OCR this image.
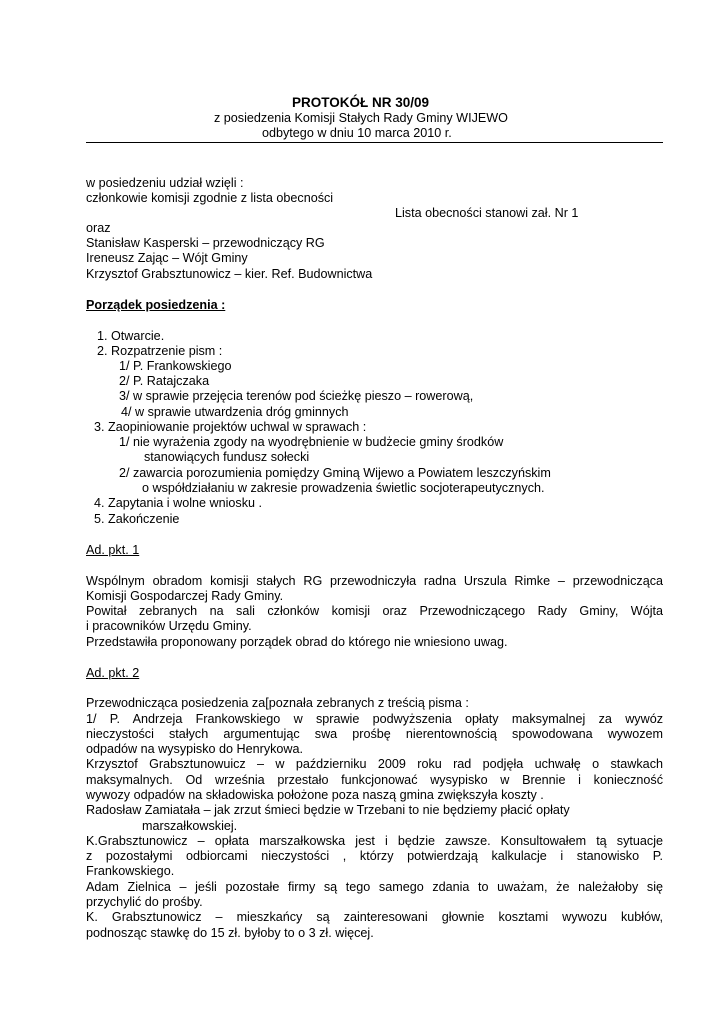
PROTOKÓŁ NR 30/09
z posiedzenia Komisji Stałych Rady Gminy WIJEWO
odbytego w dniu 10 marca 2010 r.
w posiedzeniu udział wzięli :
członkowie komisji zgodnie z lista obecności
Lista obecności stanowi zał. Nr 1
oraz
Stanisław Kasperski – przewodniczący RG
Ireneusz Zając – Wójt Gminy
Krzysztof Grabsztunowicz – kier. Ref. Budownictwa
Porządek posiedzenia :
1. Otwarcie.
2. Rozpatrzenie pism :
1/ P. Frankowskiego
2/ P. Ratajczaka
3/ w sprawie przejęcia terenów pod ścieżkę pieszo – rowerową,
4/ w sprawie utwardzenia dróg gminnych
3. Zaopiniowanie projektów uchwal w sprawach :
1/ nie wyrażenia zgody na wyodrębnienie w budżecie gminy środków
stanowiących fundusz sołecki
2/ zawarcia porozumienia pomiędzy Gminą Wijewo a Powiatem leszczyńskim
o współdziałaniu w zakresie prowadzenia świetlic socjoterapeutycznych.
4. Zapytania i wolne wniosku .
5. Zakończenie
Ad. pkt. 1
Wspólnym obradom komisji stałych RG przewodniczyła radna Urszula Rimke – przewodnicząca
Komisji Gospodarczej Rady Gminy.
Powitał zebranych na sali członków komisji oraz Przewodniczącego Rady Gminy, Wójta
i pracowników Urzędu Gminy.
Przedstawiła proponowany porządek obrad do którego nie wniesiono uwag.
Ad. pkt. 2
Przewodnicząca posiedzenia za[poznała zebranych z treścią pisma :
1/ P. Andrzeja Frankowskiego w sprawie podwyższenia opłaty maksymalnej za wywóz
nieczystości stałych argumentując swa prośbę nierentownością spowodowana wywozem
odpadów na wysypisko do Henrykowa.
Krzysztof Grabsztunowuicz – w październiku 2009 roku rad podjęła uchwałę o stawkach
maksymalnych. Od września przestało funkcjonować wysypisko w Brennie i konieczność
wywozy odpadów na składowiska położone poza naszą gmina zwiększyła koszty .
Radosław Zamiatała – jak zrzut śmieci będzie w Trzebani to nie będziemy płacić opłaty
marszałkowskiej.
K.Grabsztunowicz – opłata marszałkowska jest i będzie zawsze. Konsultowałem tą sytuacje
z pozostałymi odbiorcami nieczystości , którzy potwierdzają kalkulacje i stanowisko P.
Frankowskiego.
Adam Zielnica – jeśli pozostałe firmy są tego samego zdania to uważam, że należałoby się
przychylić do prośby.
K. Grabsztunowicz – mieszkańcy są zainteresowani głownie kosztami wywozu kubłów,
podnosząc stawkę do 15 zł. byłoby to o 3 zł. więcej.
